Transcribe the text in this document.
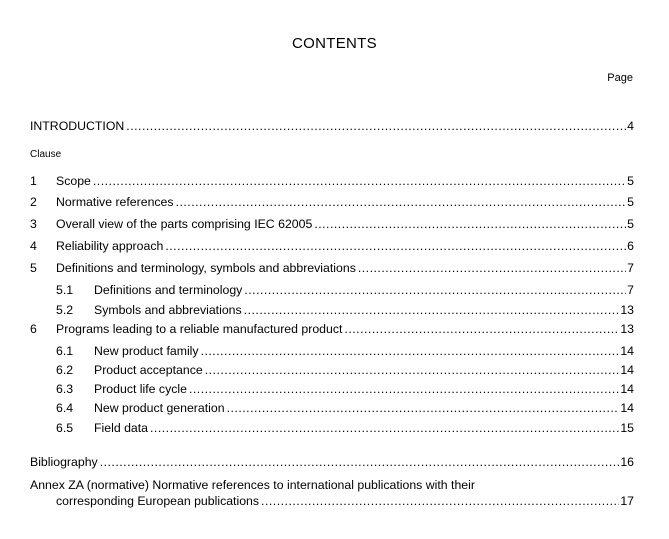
CONTENTS
Page
INTRODUCTION .....	4
Clause
1	Scope .....	5
2	Normative references .....	5
3	Overall view of the parts comprising IEC 62005 .....	5
4	Reliability approach .....	6
5	Definitions and terminology, symbols and abbreviations .....	7
5.1	Definitions and terminology .....	7
5.2	Symbols and abbreviations .....	13
6	Programs leading to a reliable manufactured product .....	13
6.1	New product family .....	14
6.2	Product acceptance .....	14
6.3	Product life cycle .....	14
6.4	New product generation .....	14
6.5	Field data .....	15
Bibliography .....	16
Annex ZA (normative) Normative references to international publications with their
corresponding European publications .....	17
